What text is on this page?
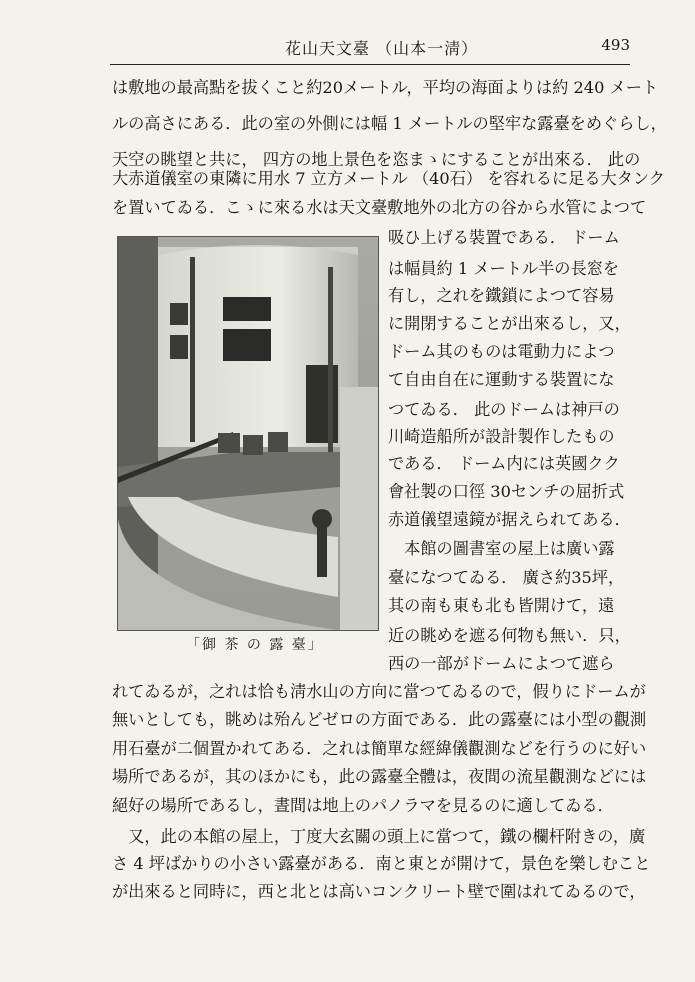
花山天文臺 （山本一淸）	493
は敷地の最高點を拔くこと約20メートル，平均の海面よりは約 240 メート
ルの高さにある．此の室の外側には幅 1 メートルの堅牢な露臺をめぐらし，
天空の眺望と共に， 四方の地上景色を恣まゝにすることが出來る． 此の
大赤道儀室の東隣に用水 7 立方メートル （40石） を容れるに足る大タンク
を置いてゐる．こゝに來る水は天文臺敷地外の北方の谷から水管によつて
「御 茶 の 露 臺」
吸ひ上げる裝置である． ドーム
は幅員約 1 メートル半の長窓を
有し，之れを鐵鎖によつて容易
に開閉することが出來るし，又，
ドーム其のものは電動力によつ
て自由自在に運動する裝置にな
つてゐる． 此のドームは神戸の
川崎造船所が設計製作したもの
である． ドーム内には英國クク
會社製の口徑 30センチの屈折式
赤道儀望遠鏡が据えられてある．
　本館の圖書室の屋上は廣い露
臺になつてゐる． 廣さ約35坪，
其の南も東も北も皆開けて，遠
近の眺めを遮る何物も無い．只，
西の一部がドームによつて遮ら
れてゐるが，之れは恰も淸水山の方向に當つてゐるので，假りにドームが
無いとしても，眺めは殆んどゼロの方面である．此の露臺には小型の觀測
用石臺が二個置かれてある．之れは簡單な經緯儀觀測などを行うのに好い
場所であるが，其のほかにも，此の露臺全體は，夜間の流星觀測などには
絕好の場所であるし，晝間は地上のパノラマを見るのに適してゐる．
　又，此の本館の屋上，丁度大玄關の頭上に當つて，鐵の欄杆附きの，廣
さ 4 坪ばかりの小さい露臺がある．南と東とが開けて，景色を樂しむこと
が出來ると同時に，西と北とは高いコンクリート壁で圍はれてゐるので，
